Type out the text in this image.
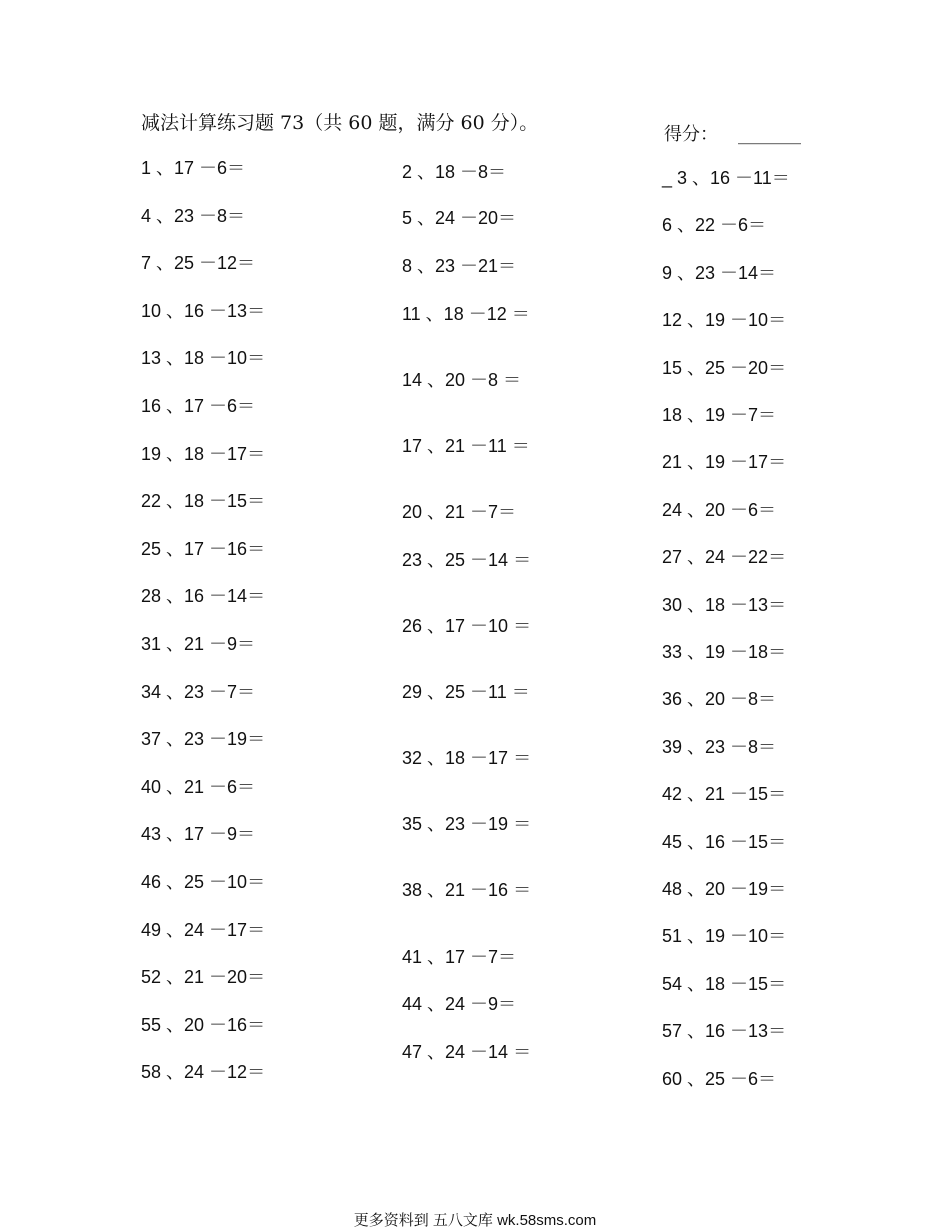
减法计算练习题 73（共 60 题，满分 60 分）。
得分： _______
1 、17 －6＝
4 、23 －8＝
7 、25 －12＝
10 、16 －13＝
13 、18 －10＝
16 、17 －6＝
19 、18 －17＝
22 、18 －15＝
25 、17 －16＝
28 、16 －14＝
31 、21 －9＝
34 、23 －7＝
37 、23 －19＝
40 、21 －6＝
43 、17 －9＝
46 、25 －10＝
49 、24 －17＝
52 、21 －20＝
55 、20 －16＝
58 、24 －12＝
2 、18 －8＝
5 、24 －20＝
8 、23 －21＝
11 、18 －12 ＝
14 、20 －8 ＝
17 、21 －11 ＝
20 、21 －7＝
23 、25 －14 ＝
26 、17 －10 ＝
29 、25 －11 ＝
32 、18 －17 ＝
35 、23 －19 ＝
38 、21 －16 ＝
41 、17 －7＝
44 、24 －9＝
47 、24 －14 ＝
_ 3 、16 －11＝
6 、22 －6＝
9 、23 －14＝
12 、19 －10＝
15 、25 －20＝
18 、19 －7＝
21 、19 －17＝
24 、20 －6＝
27 、24 －22＝
30 、18 －13＝
33 、19 －18＝
36 、20 －8＝
39 、23 －8＝
42 、21 －15＝
45 、16 －15＝
48 、20 －19＝
51 、19 －10＝
54 、18 －15＝
57 、16 －13＝
60 、25 －6＝
更多资料到 五八文库 wk.58sms.com
